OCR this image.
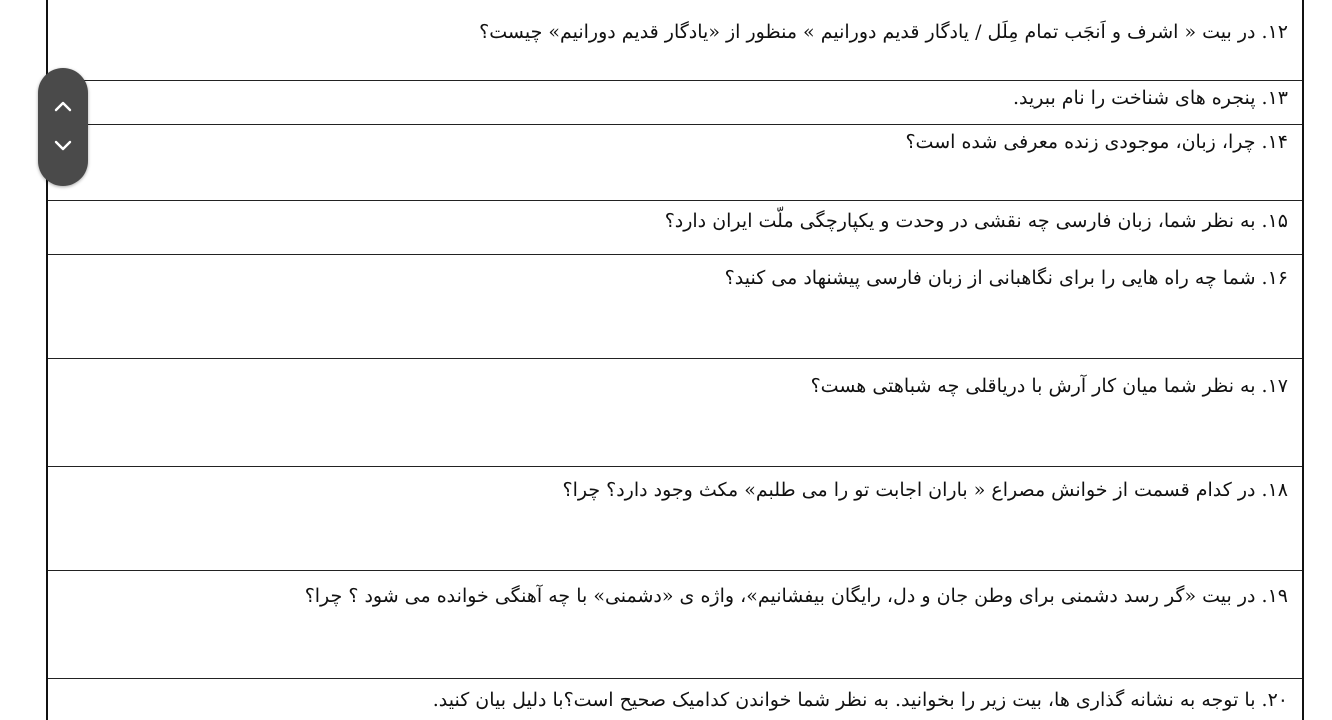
۱۲. در بیت « اشرف و اَنجَب تمام مِلَل / یادگار قدیم دورانیم » منظور از «یادگار قدیم دورانیم» چیست؟
۱۳. پنجره های شناخت را نام ببرید.
۱۴. چرا، زبان، موجودی زنده معرفی شده است؟
۱۵. به نظر شما، زبان فارسی چه نقشی در وحدت و یکپارچگی ملّت ایران دارد؟
۱۶. شما چه راه هایی را برای نگاهبانی از زبان فارسی پیشنهاد می کنید؟
۱۷. به نظر شما میان کار آرش با دریاقلی چه شباهتی هست؟
۱۸. در کدام قسمت از خوانش مصراع « باران اجابت تو را می طلبم» مکث وجود دارد؟ چرا؟
۱۹. در بیت «گر رسد دشمنی برای وطن جان و دل، رایگان بیفشانیم»، واژه ی «دشمنی» با چه آهنگی خوانده می شود ؟ چرا؟
۲۰. با توجه به نشانه گذاری ها، بیت زیر را بخوانید. به نظر شما خواندن کدامیک صحیح است؟با دلیل بیان کنید.
